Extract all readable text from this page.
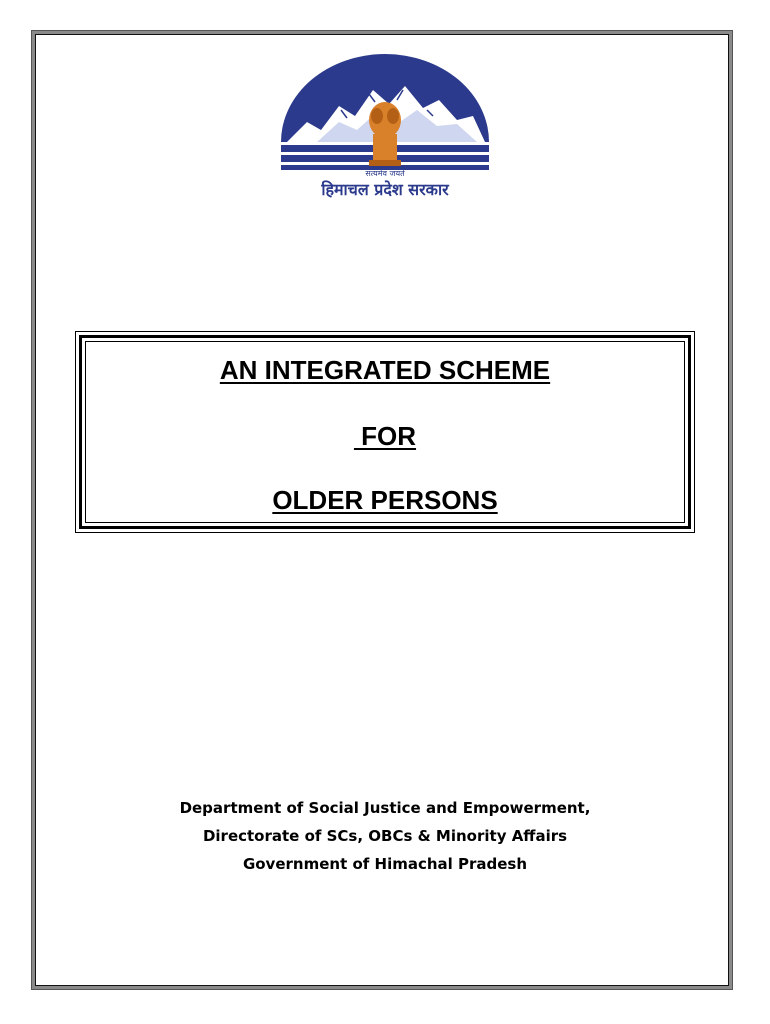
सत्यमेव जयते
हिमाचल प्रदेश सरकार
AN INTEGRATED SCHEME
FOR
OLDER PERSONS
Department of Social Justice and Empowerment,
Directorate of SCs, OBCs & Minority Affairs
Government of Himachal Pradesh
